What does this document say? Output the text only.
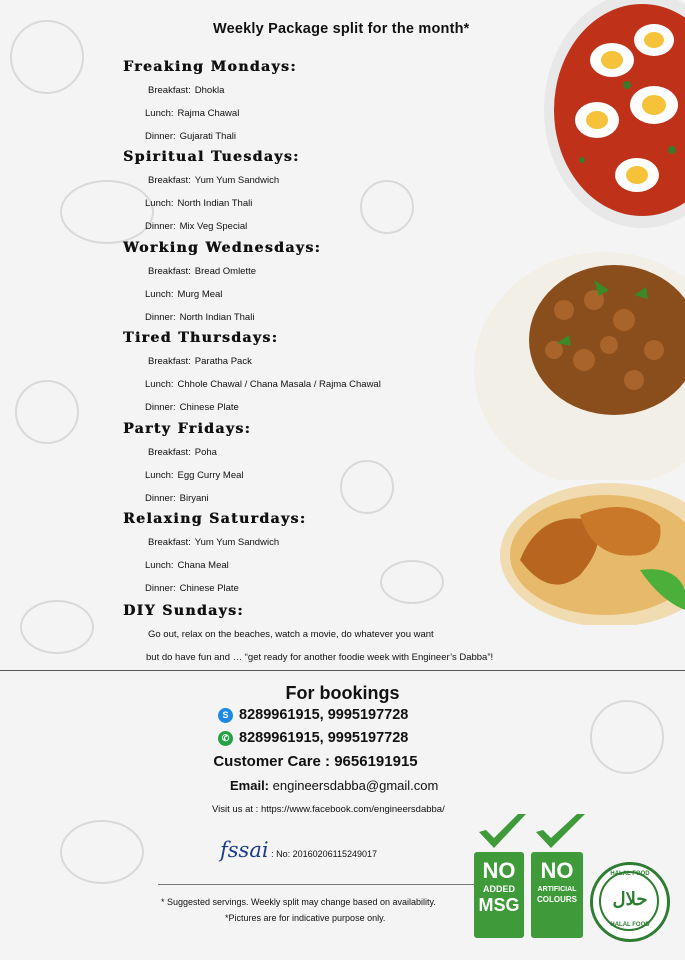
Weekly Package split for the month*
Freaking Mondays:
Breakfast: Dhokla
Lunch: Rajma Chawal
Dinner: Gujarati Thali
Spiritual Tuesdays:
Breakfast: Yum Yum Sandwich
Lunch: North Indian Thali
Dinner: Mix Veg Special
Working Wednesdays:
Breakfast: Bread Omlette
Lunch: Murg Meal
Dinner: North Indian Thali
Tired Thursdays:
Breakfast: Paratha Pack
Lunch: Chhole Chawal / Chana Masala / Rajma Chawal
Dinner: Chinese Plate
Party Fridays:
Breakfast: Poha
Lunch: Egg Curry Meal
Dinner: Biryani
Relaxing Saturdays:
Breakfast: Yum Yum Sandwich
Lunch: Chana Meal
Dinner: Chinese Plate
DIY Sundays:
Go out, relax on the beaches, watch a movie, do whatever you want
but do have fun and … “get ready for another foodie week with Engineer’s Dabba”!
For bookings
S 8289961915, 9995197728
✆ 8289961915, 9995197728
Customer Care : 9656191915
Email: engineersdabba@gmail.com
Visit us at : https://www.facebook.com/engineersdabba/
fssai : No: 20160206115249017
* Suggested servings. Weekly split may change based on availability.
*Pictures are for indicative purpose only.
NO
ADDED
MSG
NO
ARTIFICIAL
COLOURS
HALAL FOOD
حلال
HALAL FOOD
